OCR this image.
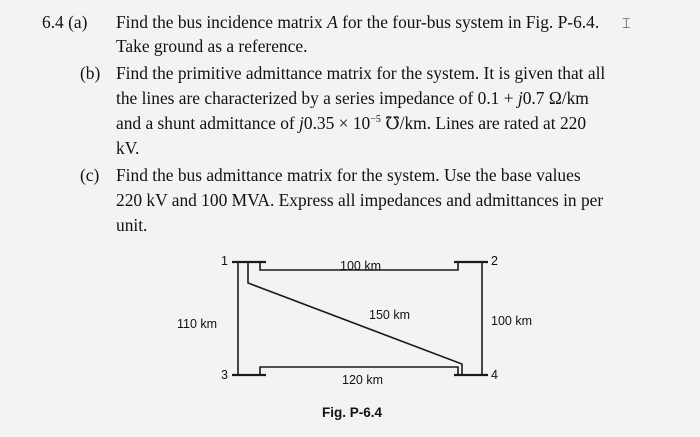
6.4 (a) Find the bus incidence matrix A for the four-bus system in Fig. P-6.4.
Take ground as a reference.
(b) Find the primitive admittance matrix for the system. It is given that all
the lines are characterized by a series impedance of 0.1 + j0.7 Ω/km
and a shunt admittance of $j0.35 \times 10^{-5}$ ℧/km. Lines are rated at 220
kV.
(c) Find the bus admittance matrix for the system. Use the base values
220 kV and 100 MVA. Express all impedances and admittances in per
unit.
⌶
1	2
3	4
100 km
150 km
110 km	100 km
120 km
Fig. P-6.4
